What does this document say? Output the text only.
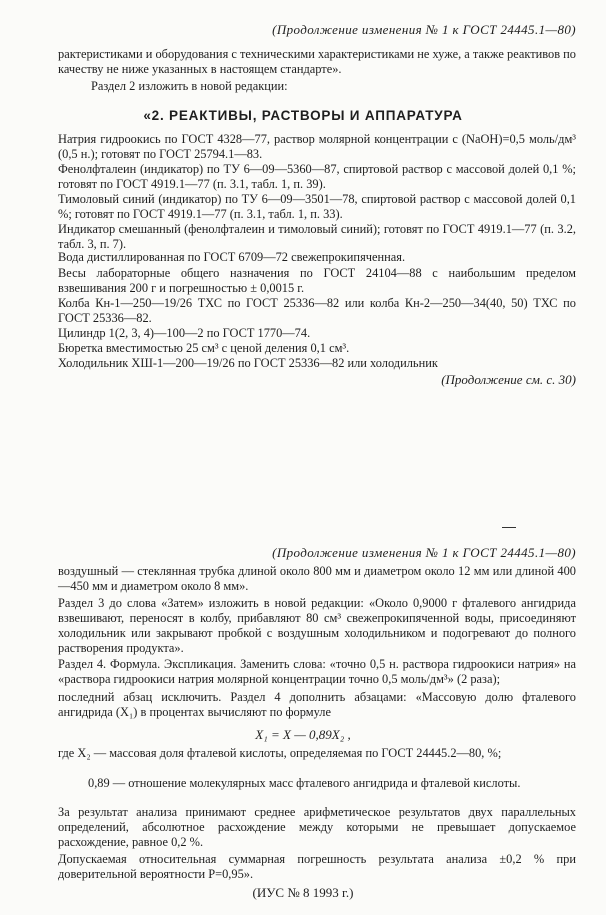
(Продолжение изменения № 1 к ГОСТ 24445.1—80)
рактеристиками и оборудования с техническими характеристиками не хуже, а также реактивов по качеству не ниже указанных в настоящем стандарте».
Раздел 2 изложить в новой редакции:
«2. РЕАКТИВЫ, РАСТВОРЫ И АППАРАТУРА
Натрия гидроокись по ГОСТ 4328—77, раствор молярной концентрации с (NaOH)=0,5 моль/дм³ (0,5 н.); готовят по ГОСТ 25794.1—83.
Фенолфталеин (индикатор) по ТУ 6—09—5360—87, спиртовой раствор с массовой долей 0,1 %; готовят по ГОСТ 4919.1—77 (п. 3.1, табл. 1, п. 39).
Тимоловый синий (индикатор) по ТУ 6—09—3501—78, спиртовой раствор с массовой долей 0,1 %; готовят по ГОСТ 4919.1—77 (п. 3.1, табл. 1, п. 33).
Индикатор смешанный (фенолфталеин и тимоловый синий); готовят по ГОСТ 4919.1—77 (п. 3.2, табл. 3, п. 7).
Вода дистиллированная по ГОСТ 6709—72 свежепрокипяченная.
Весы лабораторные общего назначения по ГОСТ 24104—88 с наибольшим пределом взвешивания 200 г и погрешностью ± 0,0015 г.
Колба Кн-1—250—19/26 ТХС по ГОСТ 25336—82 или колба Кн-2—250—34(40, 50) ТХС по ГОСТ 25336—82.
Цилиндр 1(2, 3, 4)—100—2 по ГОСТ 1770—74.
Бюретка вместимостью 25 см³ с ценой деления 0,1 см³.
Холодильник ХШ-1—200—19/26 по ГОСТ 25336—82 или холодильник
(Продолжение см. с. 30)
(Продолжение изменения № 1 к ГОСТ 24445.1—80)
воздушный — стеклянная трубка длиной около 800 мм и диаметром около 12 мм или длиной 400—450 мм и диаметром около 8 мм».
Раздел 3 до слова «Затем» изложить в новой редакции: «Около 0,9000 г фталевого ангидрида взвешивают, переносят в колбу, прибавляют 80 см³ свежепрокипяченной воды, присоединяют холодильник или закрывают пробкой с воздушным холодильником и подогревают до полного растворения продукта».
Раздел 4. Формула. Экспликация. Заменить слова: «точно 0,5 н. раствора гидроокиси натрия» на «раствора гидроокиси натрия молярной концентрации точно 0,5 моль/дм³» (2 раза);
последний абзац исключить. Раздел 4 дополнить абзацами: «Массовую долю фталевого ангидрида (X₁) в процентах вычисляют по формуле
X₁ = X — 0,89X₂ ,
где X₂ — массовая доля фталевой кислоты, определяемая по ГОСТ 24445.2—80, %;
0,89 — отношение молекулярных масс фталевого ангидрида и фталевой кислоты.
За результат анализа принимают среднее арифметическое результатов двух параллельных определений, абсолютное расхождение между которыми не превышает допускаемое расхождение, равное 0,2 %.
Допускаемая относительная суммарная погрешность результата анализа ±0,2 % при доверительной вероятности P=0,95».
(ИУС № 8 1993 г.)
